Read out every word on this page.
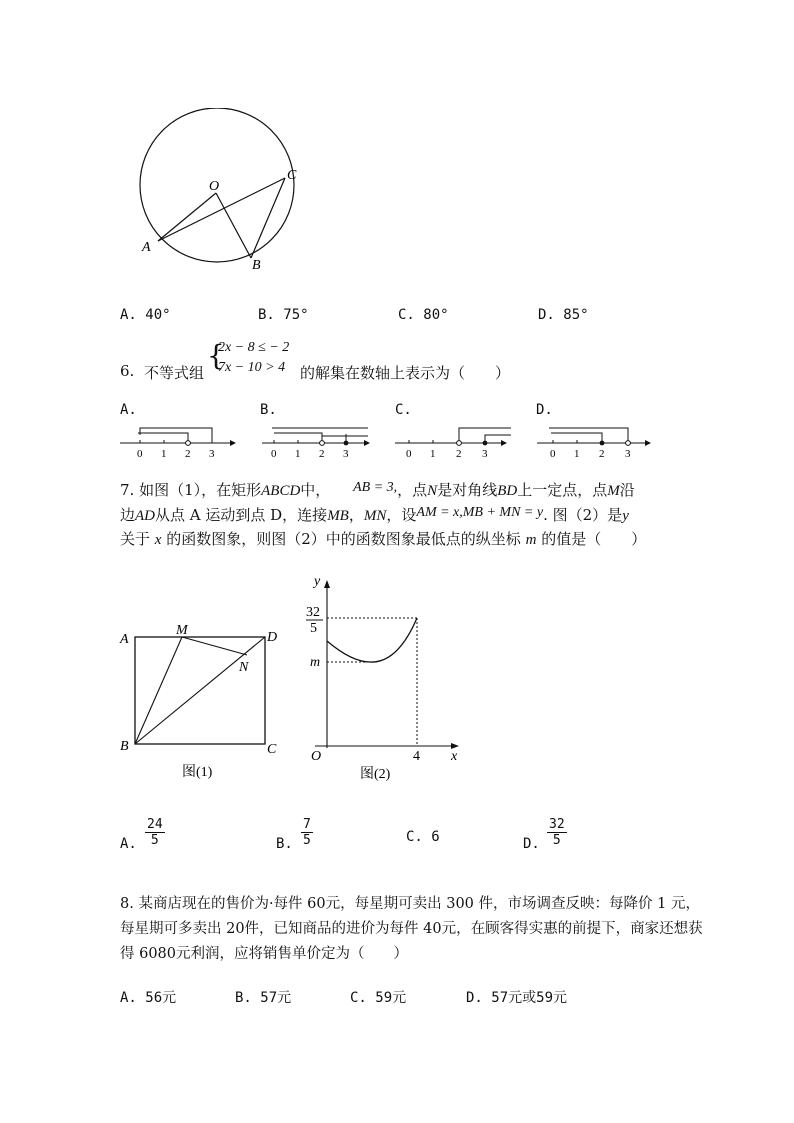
O
A
B
C
A. 40°	B. 75°	C. 80°	D. 85°
6. 不等式组
{
2x − 8 ≤ − 2
7x − 10 > 4 的解集在数轴上表示为（　　）
A.	B.	C.	D.
0 1 2 3	0 1 2 3	0 1 2 3	0 1 2 3
7. 如图（1），在矩形ABCD中， AB = 3,，点N是对角线BD上一定点，点M沿
边AD从点 A 运动到点 D，连接MB，MN，设AM = x,MB + MN = y. 图（2）是y
关于 x 的函数图象，则图（2）中的函数图象最低点的纵坐标 m 的值是（　　）
A
M	D
N
B	C
图(1)
y
32
5
m
O	4 x
图(2)
A. $\frac{24}{5}$	B. $\frac{7}{5}$	C. 6	D. $\frac{32}{5}$
8. 某商店现在的售价为·每件 60元，每星期可卖出 300 件，市场调查反映：每降价 1 元，
每星期可多卖出 20件，已知商品的进价为每件 40元，在顾客得实惠的前提下，商家还想获
得 6080元利润，应将销售单价定为（　　）
A. 56元	B. 57元	C. 59元	D. 57元或59元
